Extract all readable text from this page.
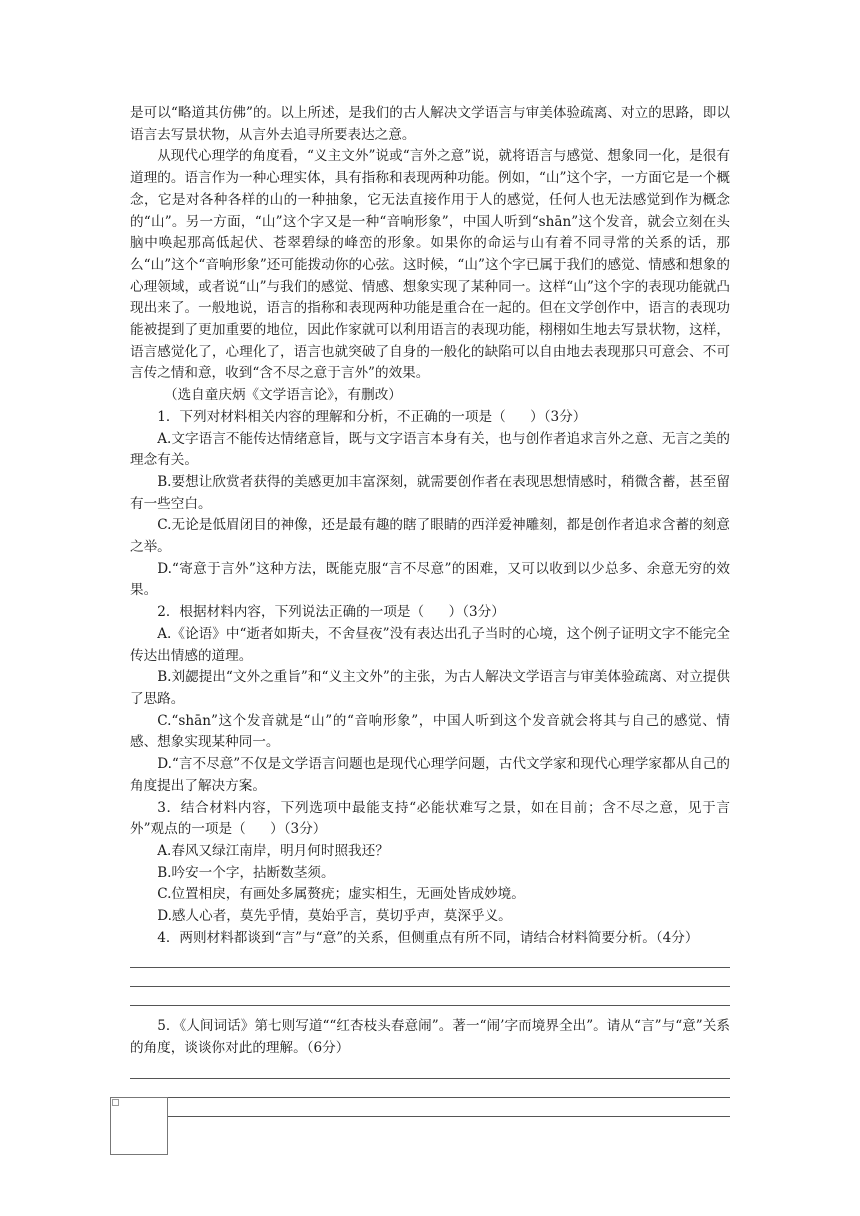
是可以“略道其仿佛”的。以上所述，是我们的古人解决文学语言与审美体验疏离、对立的思路，即以语言去写景状物，从言外去追寻所要表达之意。

从现代心理学的角度看，“义主文外”说或“言外之意”说，就将语言与感觉、想象同一化，是很有道理的。语言作为一种心理实体，具有指称和表现两种功能。例如，“山”这个字，一方面它是一个概念，它是对各种各样的山的一种抽象，它无法直接作用于人的感觉，任何人也无法感觉到作为概念的“山”。另一方面，“山”这个字又是一种“音响形象”，中国人听到“shān”这个发音，就会立刻在头脑中唤起那高低起伏、苍翠碧绿的峰峦的形象。如果你的命运与山有着不同寻常的关系的话，那么“山”这个“音响形象”还可能拨动你的心弦。这时候，“山”这个字已属于我们的感觉、情感和想象的心理领域，或者说“山”与我们的感觉、情感、想象实现了某种同一。这样“山”这个字的表现功能就凸现出来了。一般地说，语言的指称和表现两种功能是重合在一起的。但在文学创作中，语言的表现功能被提到了更加重要的地位，因此作家就可以利用语言的表现功能，栩栩如生地去写景状物，这样，语言感觉化了，心理化了，语言也就突破了自身的一般化的缺陷可以自由地去表现那只可意会、不可言传之情和意，收到“含不尽之意于言外”的效果。

（选自童庆炳《文学语言论》，有删改）

1．下列对材料相关内容的理解和分析，不正确的一项是（ ）（3分）

A.文字语言不能传达情绪意旨，既与文字语言本身有关，也与创作者追求言外之意、无言之美的理念有关。

B.要想让欣赏者获得的美感更加丰富深刻，就需要创作者在表现思想情感时，稍微含蓄，甚至留有一些空白。

C.无论是低眉闭目的神像，还是最有趣的瞎了眼睛的西洋爱神雕刻，都是创作者追求含蓄的刻意之举。

D.“寄意于言外”这种方法，既能克服“言不尽意”的困难，又可以收到以少总多、余意无穷的效果。

2．根据材料内容，下列说法正确的一项是（ ）（3分）

A.《论语》中“逝者如斯夫，不舍昼夜”没有表达出孔子当时的心境，这个例子证明文字不能完全传达出情感的道理。

B.刘勰提出“文外之重旨”和“义主文外”的主张，为古人解决文学语言与审美体验疏离、对立提供了思路。

C.“shān”这个发音就是“山”的“音响形象”，中国人听到这个发音就会将其与自己的感觉、情感、想象实现某种同一。

D.“言不尽意”不仅是文学语言问题也是现代心理学问题，古代文学家和现代心理学家都从自己的角度提出了解决方案。

3．结合材料内容，下列选项中最能支持“必能状难写之景，如在目前；含不尽之意，见于言外”观点的一项是（ ）（3分）

A.春风又绿江南岸，明月何时照我还？

B.吟安一个字，拈断数茎须。

C.位置相戾，有画处多属赘疣；虚实相生，无画处皆成妙境。

D.感人心者，莫先乎情，莫始乎言，莫切乎声，莫深乎义。

4．两则材料都谈到“言”与“意”的关系，但侧重点有所不同，请结合材料简要分析。（4分）

5．《人间词话》第七则写道““红杏枝头春意闹”。著一“闹’字而境界全出”。请从“言”与“意”关系的角度，谈谈你对此的理解。（6分）
